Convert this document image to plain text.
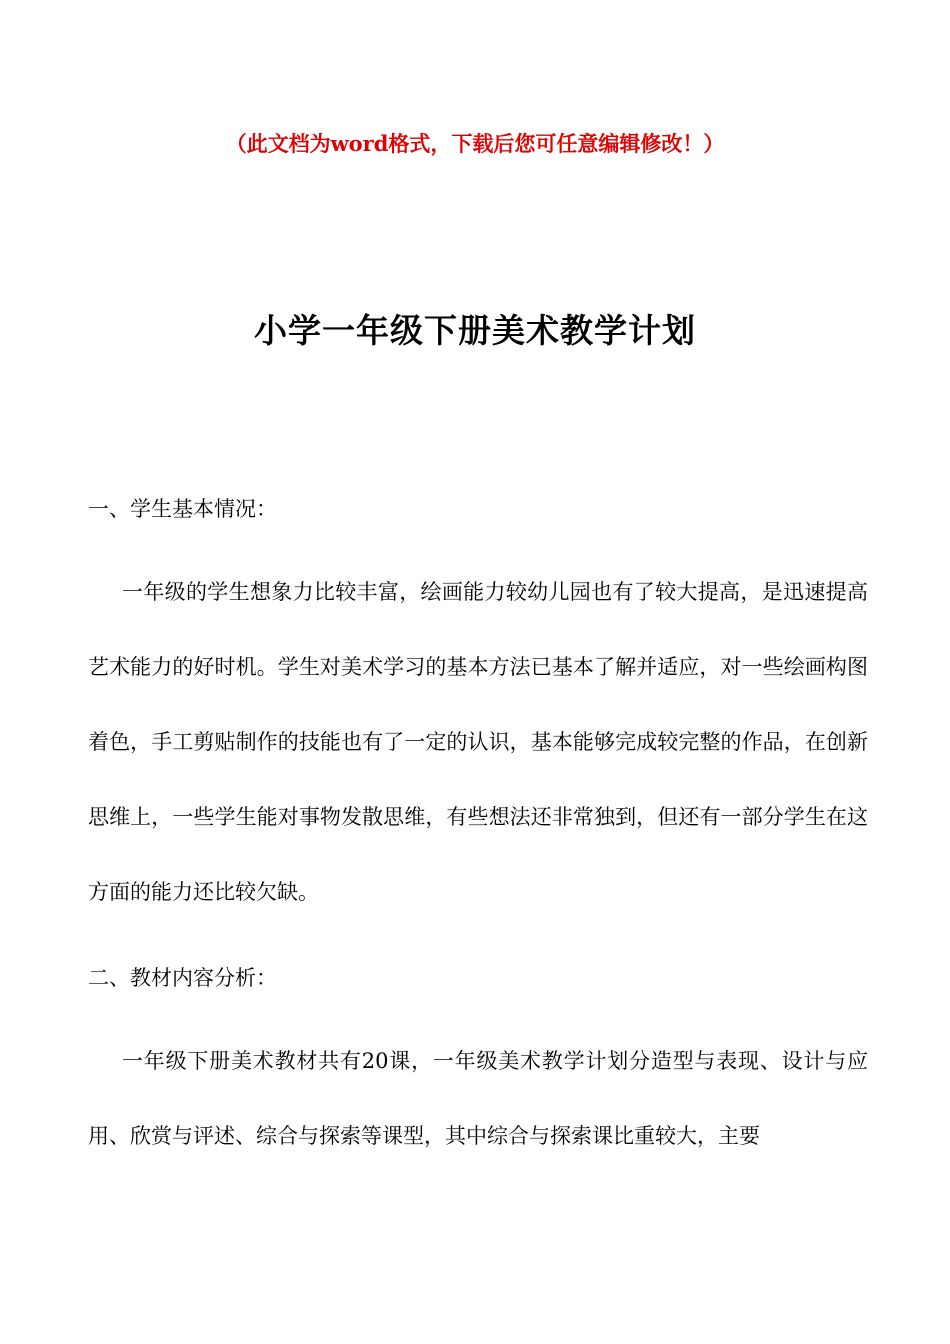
（此文档为word格式，下载后您可任意编辑修改！）
小学一年级下册美术教学计划
一、学生基本情况：
一年级的学生想象力比较丰富，绘画能力较幼儿园也有了较大提高，是迅速提高艺术能力的好时机。学生对美术学习的基本方法已基本了解并适应，对一些绘画构图着色，手工剪贴制作的技能也有了一定的认识，基本能够完成较完整的作品，在创新思维上，一些学生能对事物发散思维，有些想法还非常独到，但还有一部分学生在这方面的能力还比较欠缺。
二、教材内容分析：
一年级下册美术教材共有20课，一年级美术教学计划分造型与表现、设计与应用、欣赏与评述、综合与探索等课型，其中综合与探索课比重较大，主要
